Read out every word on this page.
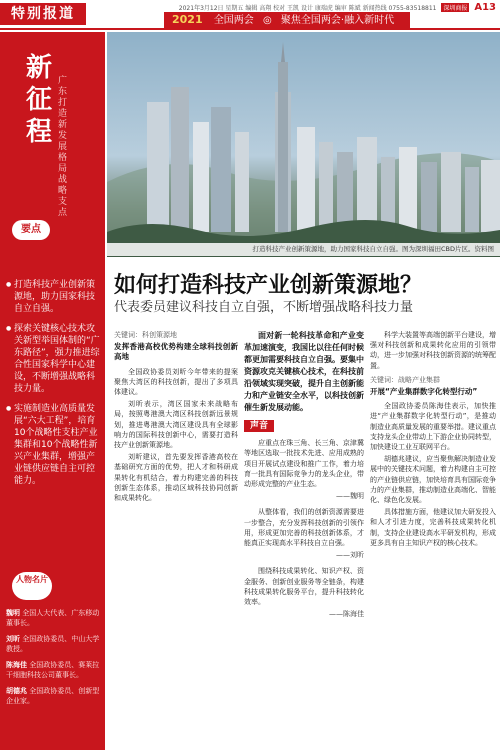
特别报道	2021年3月12日 星期五 编辑 高翔 校对 王凯 设计 康瑞虎 编审 陈斌 新闻热线 0755-83518811 深圳商报 A13
2021 全国两会 ◎ 聚焦全国两会·融入新时代
新征程
广东打造新发展格局战略支点
要点
● 打造科技产业创新策源地，助力国家科技自立自强。
● 探索关键核心技术攻关新型举国体制的“广东路径”，强力推进综合性国家科学中心建设，不断增强战略科技力量。
● 实施制造业高质量发展“六大工程”，培育10个战略性支柱产业集群和10个战略性新兴产业集群，增强产业链供应链自主可控能力。
人物名片
魏明 全国人大代表、广东移动董事长。
刘昕 全国政协委员、中山大学教授。
陈海佳 全国政协委员、赛莱拉干细胞科技公司董事长。
胡德兆 全国政协委员、创新型企业家。
打造科技产业创新策源地，助力国家科技自立自强。图为深圳福田CBD片区。资料图
如何打造科技产业创新策源地？
代表委员建议科技自立自强，不断增强战略科技力量
关键词：科创策源地
发挥香港高校优势构建全球科技创新高地

全国政协委员刘昕今年带来的提案聚焦大湾区的科技创新，提出了多项具体建议。

刘昕表示，湾区国家未来战略布局，按照粤港澳大湾区科技创新远景规划，推进粤港澳大湾区建设具有全球影响力的国际科技创新中心，需要打造科技产业创新策源地。

刘昕建议，首先要发挥香港高校在基础研究方面的优势，把人才和科研成果转化有机结合，着力构建完善的科技创新生态体系，推动区域科技协同创新和成果转化。

面对新一轮科技革命和产业变革加速演变，我国比以往任何时候都更加需要科技自立自强。要集中资源攻克关键核心技术，在科技前沿领域实现突破，提升自主创新能力和产业链安全水平，以科技创新催生新发展动能。

声音

应重点在珠三角、长三角、京津冀等地区选取一批技术先进、应用成熟的项目开展试点建设和推广工作，着力培育一批具有国际竞争力的龙头企业，带动形成完整的产业生态。

——魏明

从整体看，我们的创新资源需要进一步整合，充分发挥科技创新的引领作用，形成更加完善的科技创新体系，才能真正实现高水平科技自立自强。

——刘昕

围绕科技成果转化、知识产权、资金服务、创新创业服务等全链条，构建科技成果转化服务平台，提升科技转化效率。

——陈海佳

科学大装置等高端创新平台建设，增强对科技创新和成果转化应用的引领带动，进一步加强对科技创新资源的统筹配置。

关键词：战略产业集群
开展“产业集群数字化转型行动”

全国政协委员陈海佳表示，加快推进“产业集群数字化转型行动”，是推动制造业高质量发展的重要举措。建议重点支持龙头企业带动上下游企业协同转型，加快建设工业互联网平台。

胡德兆建议，应当聚焦解决制造业发展中的关键技术问题，着力构建自主可控的产业链供应链，加快培育具有国际竞争力的产业集群，推动制造业高端化、智能化、绿色化发展。

具体措施方面，他建议加大研发投入和人才引进力度，完善科技成果转化机制，支持企业建设高水平研发机构，形成更多具有自主知识产权的核心技术。
